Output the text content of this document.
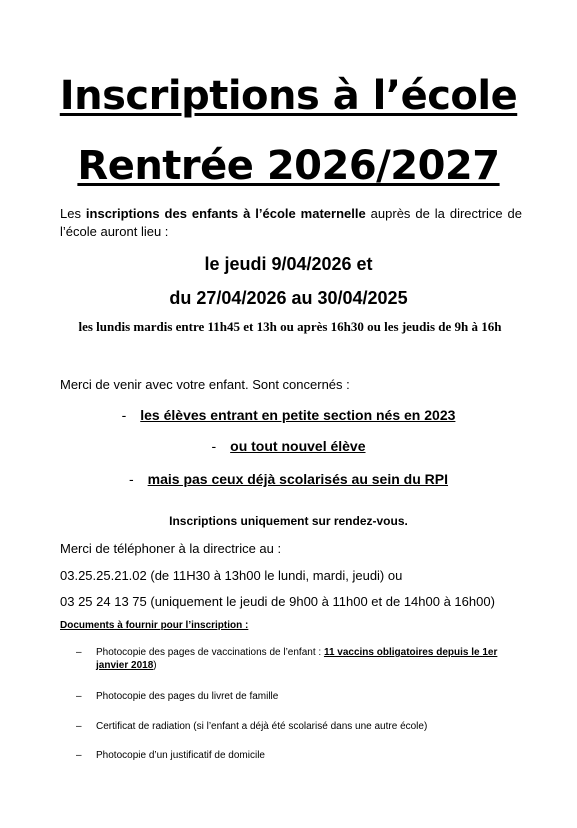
Inscriptions à l’école
Rentrée 2026/2027
Les inscriptions des enfants à l’école maternelle auprès de la directrice de l’école auront lieu :
le jeudi 9/04/2026 et
du 27/04/2026 au 30/04/2025
les lundis mardis entre 11h45 et 13h ou après 16h30 ou les jeudis de 9h à 16h
Merci de venir avec votre enfant. Sont concernés :
- les élèves entrant en petite section nés en 2023
- ou tout nouvel élève
- mais pas ceux déjà scolarisés au sein du RPI
Inscriptions uniquement sur rendez-vous.
Merci de téléphoner à la directrice au :
03.25.25.21.02 (de 11H30 à 13h00 le lundi, mardi, jeudi) ou
03 25 24 13 75 (uniquement le jeudi de 9h00 à 11h00 et de 14h00 à 16h00)
Documents à fournir pour l’inscription :
– Photocopie des pages de vaccinations de l’enfant : 11 vaccins obligatoires depuis le 1er janvier 2018)
– Photocopie des pages du livret de famille
– Certificat de radiation (si l’enfant a déjà été scolarisé dans une autre école)
– Photocopie d’un justificatif de domicile
